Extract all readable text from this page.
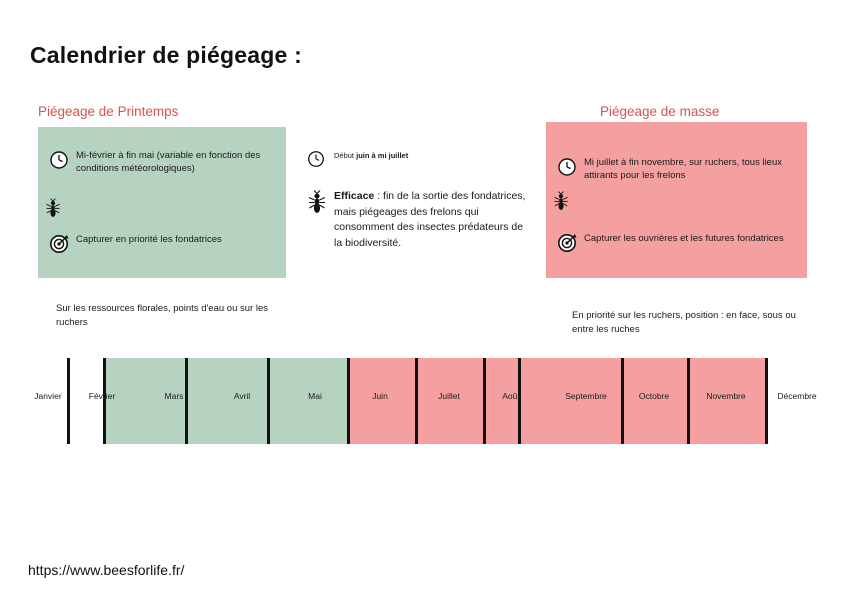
Calendrier de piégeage :
Piégeage de Printemps
Mi-février à fin mai (variable en fonction des conditions météorologiques)
Capturer en priorité les fondatrices
Début juin à mi juillet
Efficace : fin de la sortie des fondatrices, mais piégeages des frelons qui consomment des insectes prédateurs de la biodiversité.
Piégeage de masse
Mi juillet à fin novembre, sur ruchers, tous lieux attirants pour les frelons
Capturer les ouvrières et les futures fondatrices
Sur les ressources florales, points d'eau ou sur les ruchers
En priorité sur les ruchers, position : en face, sous ou entre les ruches
Janvier	Février	Mars	Avril	Mai	Juin	Juillet	Août	Septembre	Octobre	Novembre	Décembre
https://www.beesforlife.fr/
